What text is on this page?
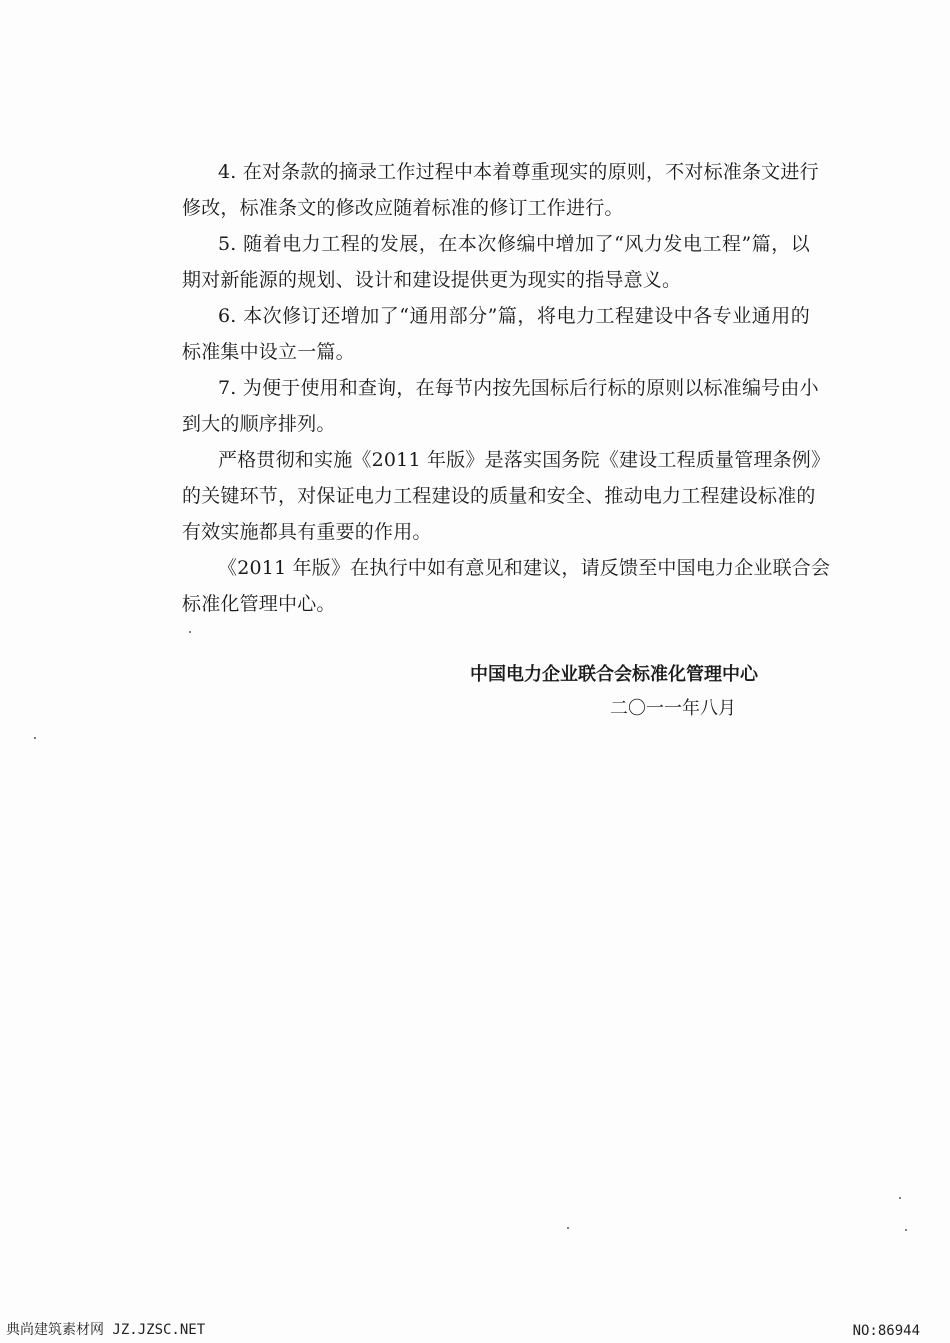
4. 在对条款的摘录工作过程中本着尊重现实的原则，不对标准条文进行
修改，标准条文的修改应随着标准的修订工作进行。
5. 随着电力工程的发展，在本次修编中增加了“风力发电工程”篇，以
期对新能源的规划、设计和建设提供更为现实的指导意义。
6. 本次修订还增加了“通用部分”篇，将电力工程建设中各专业通用的
标准集中设立一篇。
7. 为便于使用和查询，在每节内按先国标后行标的原则以标准编号由小
到大的顺序排列。
严格贯彻和实施《2011 年版》是落实国务院《建设工程质量管理条例》
的关键环节，对保证电力工程建设的质量和安全、推动电力工程建设标准的
有效实施都具有重要的作用。
《2011 年版》在执行中如有意见和建议，请反馈至中国电力企业联合会
标准化管理中心。
中国电力企业联合会标准化管理中心
二〇一一年八月
典尚建筑素材网 JZ.JZSC.NET	NO:86944
